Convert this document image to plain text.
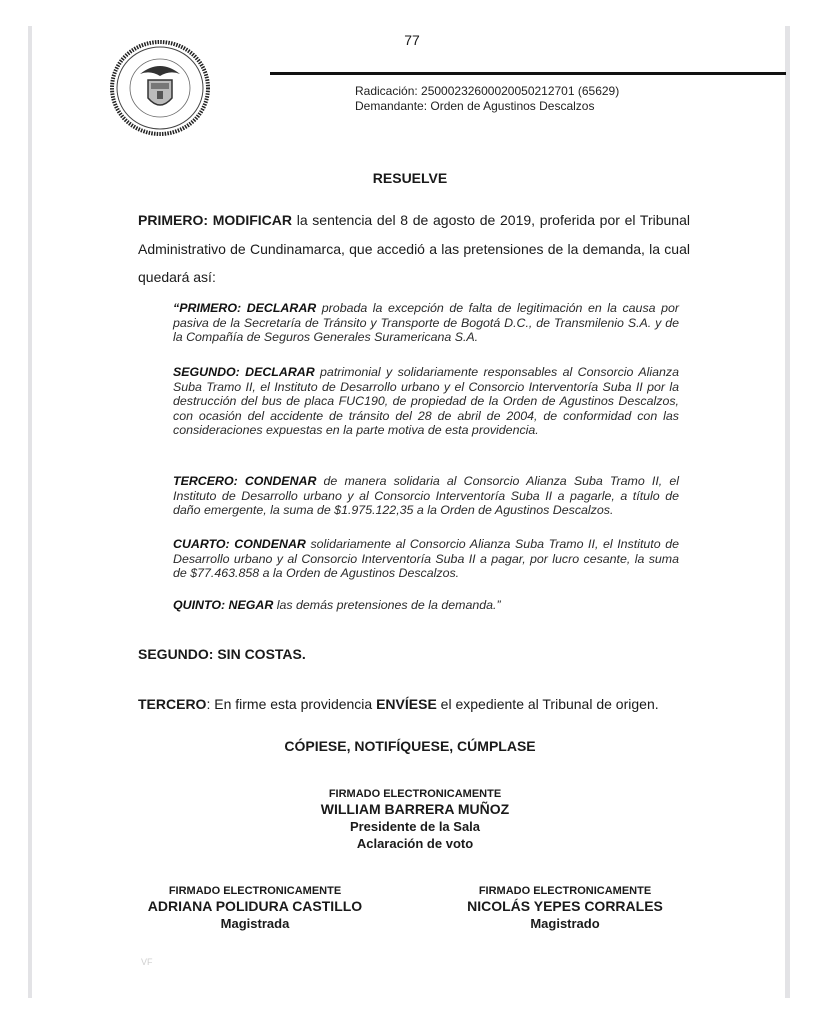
77
Radicación: 25000232600020050212701 (65629)
Demandante: Orden de Agustinos Descalzos
RESUELVE
PRIMERO: MODIFICAR la sentencia del 8 de agosto de 2019, proferida por el Tribunal Administrativo de Cundinamarca, que accedió a las pretensiones de la demanda, la cual quedará así:
“PRIMERO: DECLARAR probada la excepción de falta de legitimación en la causa por pasiva de la Secretaría de Tránsito y Transporte de Bogotá D.C., de Transmilenio S.A. y de la Compañía de Seguros Generales Suramericana S.A.
SEGUNDO: DECLARAR patrimonial y solidariamente responsables al Consorcio Alianza Suba Tramo II, el Instituto de Desarrollo urbano y el Consorcio Interventoría Suba II por la destrucción del bus de placa FUC190, de propiedad de la Orden de Agustinos Descalzos, con ocasión del accidente de tránsito del 28 de abril de 2004, de conformidad con las consideraciones expuestas en la parte motiva de esta providencia.
TERCERO: CONDENAR de manera solidaria al Consorcio Alianza Suba Tramo II, el Instituto de Desarrollo urbano y al Consorcio Interventoría Suba II a pagarle, a título de daño emergente, la suma de $1.975.122,35 a la Orden de Agustinos Descalzos.
CUARTO: CONDENAR solidariamente al Consorcio Alianza Suba Tramo II, el Instituto de Desarrollo urbano y al Consorcio Interventoría Suba II a pagar, por lucro cesante, la suma de $77.463.858 a la Orden de Agustinos Descalzos.
QUINTO: NEGAR las demás pretensiones de la demanda.”
SEGUNDO: SIN COSTAS.
TERCERO: En firme esta providencia ENVÍESE el expediente al Tribunal de origen.
CÓPIESE, NOTIFÍQUESE, CÚMPLASE
FIRMADO ELECTRONICAMENTE
WILLIAM BARRERA MUÑOZ
Presidente de la Sala
Aclaración de voto
FIRMADO ELECTRONICAMENTE
ADRIANA POLIDURA CASTILLO
Magistrada
FIRMADO ELECTRONICAMENTE
NICOLÁS YEPES CORRALES
Magistrado
VF
